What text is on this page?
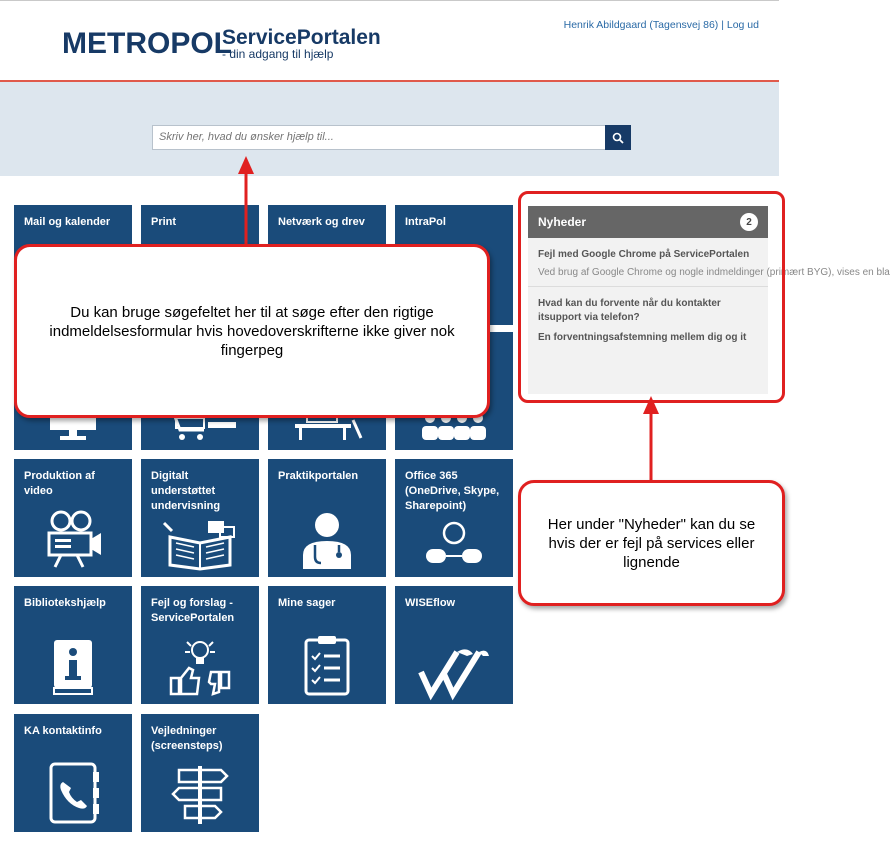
METROPOL
ServicePortalen
- din adgang til hjælp
Henrik Abildgaard (Tagensvej 86) | Log ud
Skriv her, hvad du ønsker hjælp til...
Mail og kalender	Print	Netværk og drev	IntraPol
Produktion af video
Digitalt understøttet undervisning
Praktikportalen	Office 365 (OneDrive, Skype, Sharepoint)
Bibliotekshjælp	Fejl og forslag - ServicePortalen
Mine sager	WISEflow
KA kontaktinfo	Vejledninger (screensteps)
Nyheder	2
Fejl med Google Chrome på ServicePortalen
Ved brug af Google Chrome og nogle indmeldinger (primært BYG), vises en bla
Hvad kan du forvente når du kontakter itsupport via telefon?
En forventningsafstemning mellem dig og it
Du kan bruge søgefeltet her til at søge efter den rigtige indmeldelsesformular hvis hovedoverskrifterne ikke giver nok fingerpeg
Her under "Nyheder" kan du se hvis der er fejl på services eller lignende
